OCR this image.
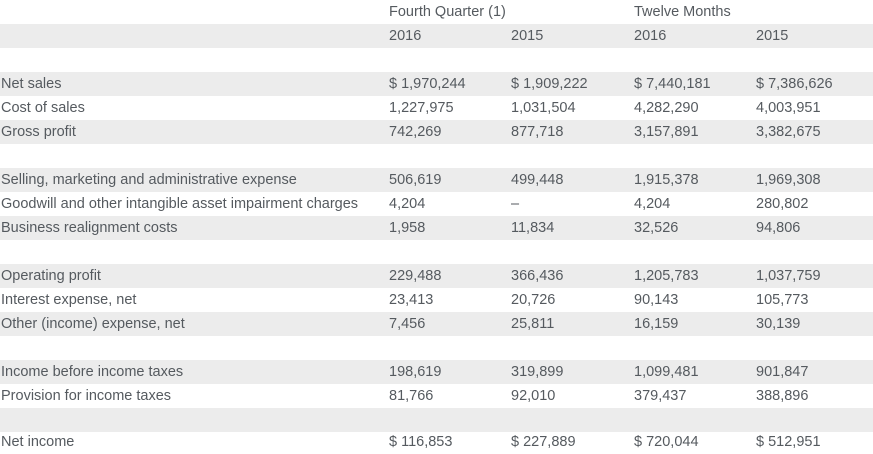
Fourth Quarter (1)	Twelve Months
2016	2015	2016	2015
Net sales	$ 1,970,244	$ 1,909,222	$ 7,440,181	$ 7,386,626
Cost of sales	1,227,975	1,031,504	4,282,290	4,003,951
Gross profit	742,269	877,718	3,157,891	3,382,675
Selling, marketing and administrative expense	506,619	499,448	1,915,378	1,969,308
Goodwill and other intangible asset impairment charges 4,204	–	4,204	280,802
Business realignment costs	1,958	11,834	32,526	94,806
Operating profit	229,488	366,436	1,205,783	1,037,759
Interest expense, net	23,413	20,726	90,143	105,773
Other (income) expense, net	7,456	25,811	16,159	30,139
Income before income taxes	198,619	319,899	1,099,481	901,847
Provision for income taxes	81,766	92,010	379,437	388,896
Net income	$ 116,853	$ 227,889	$ 720,044	$ 512,951
